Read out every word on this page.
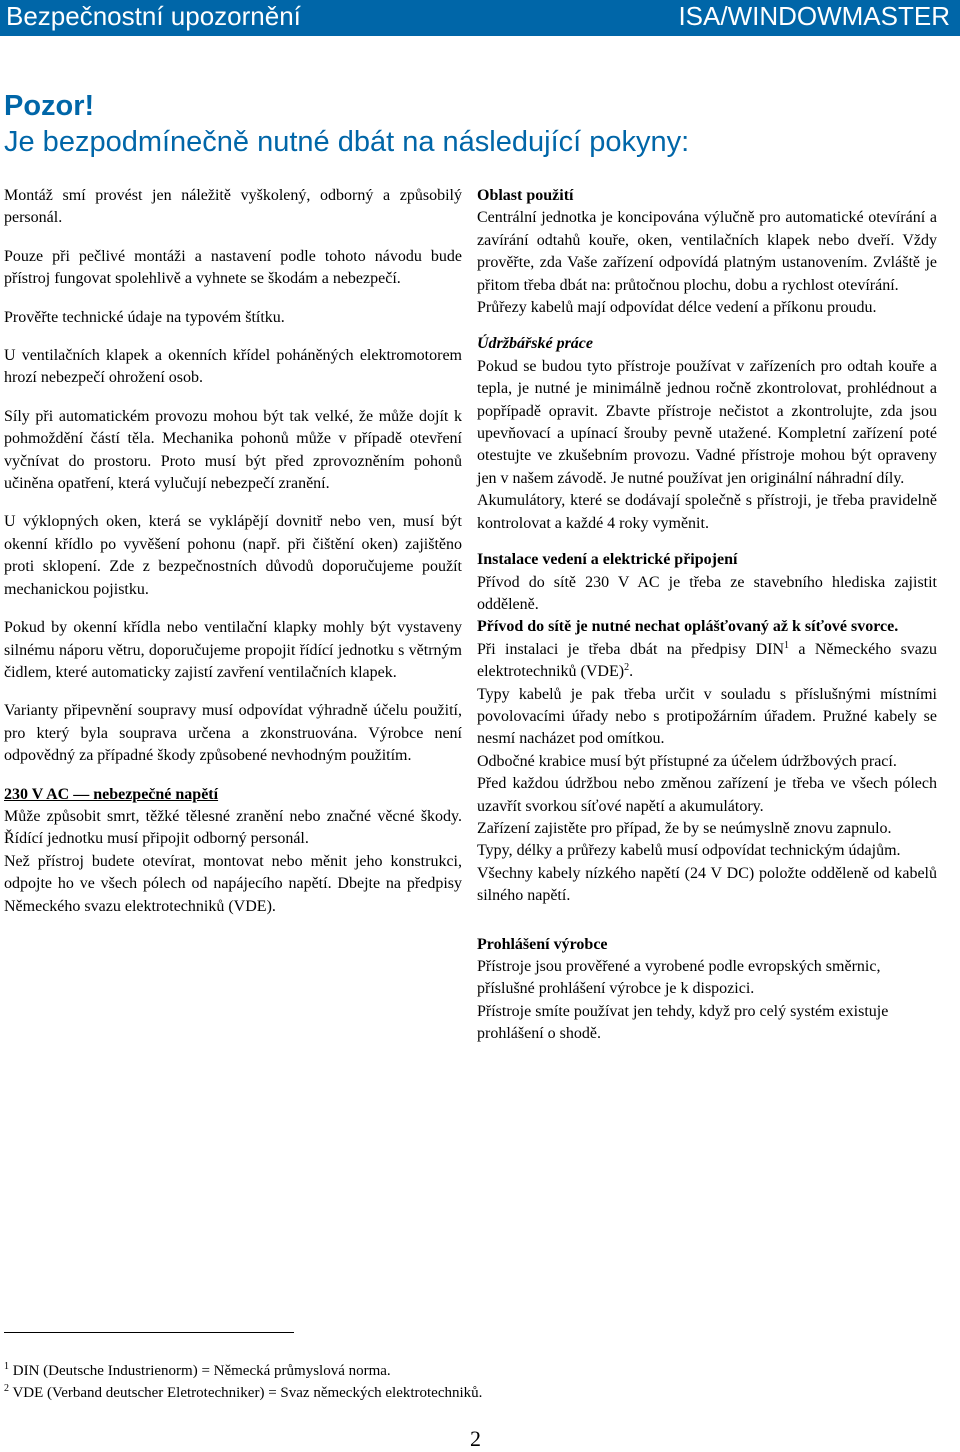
Bezpečnostní upozornění	ISA/WINDOWMASTER
Pozor!
Je bezpodmínečně nutné dbát na následující pokyny:

Montáž smí provést jen náležitě vyškolený, odborný a způsobilý personál.

Pouze při pečlivé montáži a nastavení podle tohoto návodu bude přístroj fungovat spolehlivě a vyhnete se škodám a nebezpečí.

Prověřte technické údaje na typovém štítku.

U ventilačních klapek a okenních křídel poháněných elektromotorem hrozí nebezpečí ohrožení osob.

Síly při automatickém provozu mohou být tak velké, že může dojít k pohmoždění částí těla. Mechanika pohonů může v případě otevření vyčnívat do prostoru. Proto musí být před zprovozněním pohonů učiněna opatření, která vylučují nebezpečí zranění.

U výklopných oken, která se vyklápějí dovnitř nebo ven, musí být okenní křídlo po vyvěšení pohonu (např. při čištění oken) zajištěno proti sklopení. Zde z bezpečnostních důvodů doporučujeme použít mechanickou pojistku.

Pokud by okenní křídla nebo ventilační klapky mohly být vystaveny silnému náporu větru, doporučujeme propojit řídící jednotku s větrným čidlem, které automaticky zajistí zavření ventilačních klapek.

Varianty připevnění soupravy musí odpovídat výhradně účelu použití, pro který byla souprava určena a zkonstruována. Výrobce není odpovědný za případné škody způsobené nevhodným použitím.

230 V AC — nebezpečné napětí

Může způsobit smrt, těžké tělesné zranění nebo značné věcné škody. Řídící jednotku musí připojit odborný personál.

Než přístroj budete otevírat, montovat nebo měnit jeho konstrukci, odpojte ho ve všech pólech od napájecího napětí. Dbejte na předpisy Německého svazu elektrotechniků (VDE).

Oblast použití

Centrální jednotka je koncipována výlučně pro automatické otevírání a zavírání odtahů kouře, oken, ventilačních klapek nebo dveří. Vždy prověřte, zda Vaše zařízení odpovídá platným ustanovením. Zvláště je přitom třeba dbát na: průtočnou plochu, dobu a rychlost otevírání.

Průřezy kabelů mají odpovídat délce vedení a příkonu proudu.

Údržbářské práce

Pokud se budou tyto přístroje používat v zařízeních pro odtah kouře a tepla, je nutné je minimálně jednou ročně zkontrolovat, prohlédnout a popřípadě opravit. Zbavte přístroje nečistot a zkontrolujte, zda jsou upevňovací a upínací šrouby pevně utažené. Kompletní zařízení poté otestujte ve zkušebním provozu. Vadné přístroje mohou být opraveny jen v našem závodě. Je nutné používat jen originální náhradní díly.

Akumulátory, které se dodávají společně s přístroji, je třeba pravidelně kontrolovat a každé 4 roky vyměnit.

Instalace vedení a elektrické připojení

Přívod do sítě 230 V AC je třeba ze stavebního hlediska zajistit odděleně.

Přívod do sítě je nutné nechat oplášťovaný až k síťové svorce.

Při instalaci je třeba dbát na předpisy DIN$^1$ a Německého svazu elektrotechniků (VDE)$^2$.

Typy kabelů je pak třeba určit v souladu s příslušnými místními povolovacími úřady nebo s protipožárním úřadem. Pružné kabely se nesmí nacházet pod omítkou.

Odbočné krabice musí být přístupné za účelem údržbových prací.

Před každou údržbou nebo změnou zařízení je třeba ve všech pólech uzavřít svorkou síťové napětí a akumulátory.

Zařízení zajistěte pro případ, že by se neúmyslně znovu zapnulo.

Typy, délky a průřezy kabelů musí odpovídat technickým údajům.

Všechny kabely nízkého napětí (24 V DC) položte odděleně od kabelů silného napětí.

Prohlášení výrobce

Přístroje jsou prověřené a vyrobené podle evropských směrnic, příslušné prohlášení výrobce je k dispozici.

Přístroje smíte používat jen tehdy, když pro celý systém existuje prohlášení o shodě.

$^1$ DIN (Deutsche Industrienorm) = Německá průmyslová norma.
$^2$ VDE (Verband deutscher Eletrotechniker) = Svaz německých elektrotechniků.
2
